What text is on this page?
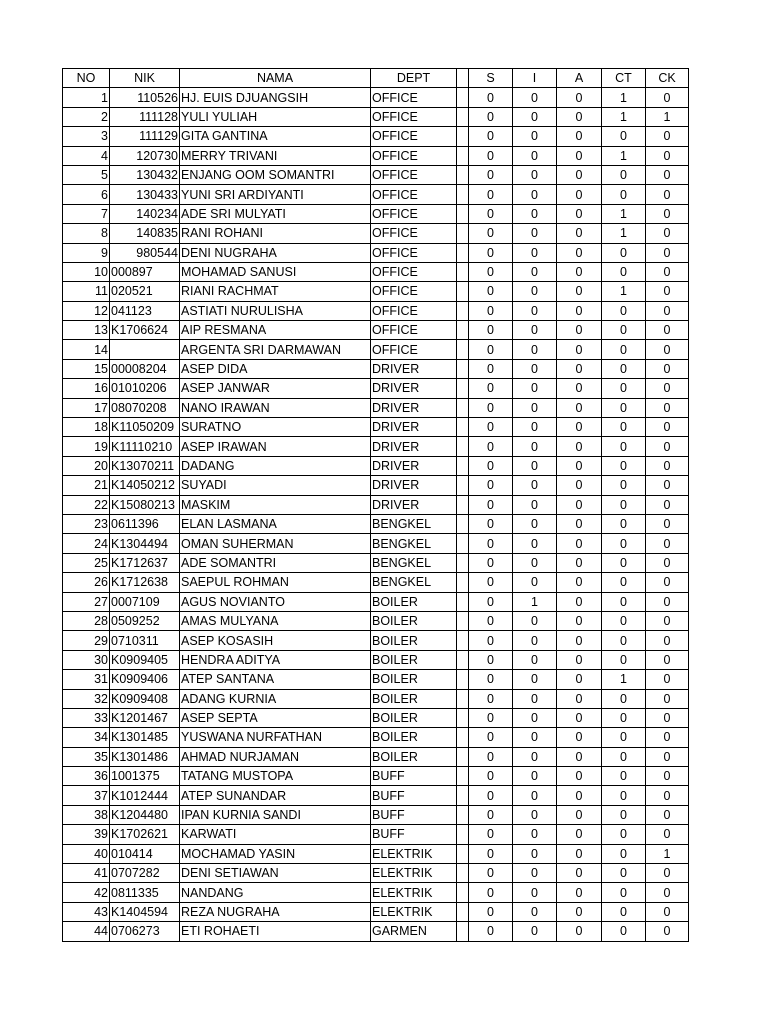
NO	NIK	NAMA	DEPT		S	I	A	CT	CK
1	110526	HJ. EUIS DJUANGSIH	OFFICE		0	0	0	1	0
2	111128	YULI YULIAH	OFFICE		0	0	0	1	1
3	111129	GITA GANTINA	OFFICE		0	0	0	0	0
4	120730	MERRY TRIVANI	OFFICE		0	0	0	1	0
5	130432	ENJANG OOM SOMANTRI	OFFICE		0	0	0	0	0
6	130433	YUNI SRI ARDIYANTI	OFFICE		0	0	0	0	0
7	140234	ADE SRI MULYATI	OFFICE		0	0	0	1	0
8	140835	RANI ROHANI	OFFICE		0	0	0	1	0
9	980544	DENI NUGRAHA	OFFICE		0	0	0	0	0
10	000897	MOHAMAD SANUSI	OFFICE		0	0	0	0	0
11	020521	RIANI RACHMAT	OFFICE		0	0	0	1	0
12	041123	ASTIATI NURULISHA	OFFICE		0	0	0	0	0
13	K1706624	AIP RESMANA	OFFICE		0	0	0	0	0
14		ARGENTA SRI DARMAWAN	OFFICE		0	0	0	0	0
15	00008204	ASEP DIDA	DRIVER		0	0	0	0	0
16	01010206	ASEP JANWAR	DRIVER		0	0	0	0	0
17	08070208	NANO IRAWAN	DRIVER		0	0	0	0	0
18	K11050209	SURATNO	DRIVER		0	0	0	0	0
19	K11110210	ASEP IRAWAN	DRIVER		0	0	0	0	0
20	K13070211	DADANG	DRIVER		0	0	0	0	0
21	K14050212	SUYADI	DRIVER		0	0	0	0	0
22	K15080213	MASKIM	DRIVER		0	0	0	0	0
23	0611396	ELAN LASMANA	BENGKEL		0	0	0	0	0
24	K1304494	OMAN SUHERMAN	BENGKEL		0	0	0	0	0
25	K1712637	ADE SOMANTRI	BENGKEL		0	0	0	0	0
26	K1712638	SAEPUL ROHMAN	BENGKEL		0	0	0	0	0
27	0007109	AGUS NOVIANTO	BOILER		0	1	0	0	0
28	0509252	AMAS MULYANA	BOILER		0	0	0	0	0
29	0710311	ASEP KOSASIH	BOILER		0	0	0	0	0
30	K0909405	HENDRA ADITYA	BOILER		0	0	0	0	0
31	K0909406	ATEP SANTANA	BOILER		0	0	0	1	0
32	K0909408	ADANG KURNIA	BOILER		0	0	0	0	0
33	K1201467	ASEP SEPTA	BOILER		0	0	0	0	0
34	K1301485	YUSWANA NURFATHAN	BOILER		0	0	0	0	0
35	K1301486	AHMAD NURJAMAN	BOILER		0	0	0	0	0
36	1001375	TATANG MUSTOPA	BUFF		0	0	0	0	0
37	K1012444	ATEP SUNANDAR	BUFF		0	0	0	0	0
38	K1204480	IPAN KURNIA SANDI	BUFF		0	0	0	0	0
39	K1702621	KARWATI	BUFF		0	0	0	0	0
40	010414	MOCHAMAD YASIN	ELEKTRIK		0	0	0	0	1
41	0707282	DENI SETIAWAN	ELEKTRIK		0	0	0	0	0
42	0811335	NANDANG	ELEKTRIK		0	0	0	0	0
43	K1404594	REZA NUGRAHA	ELEKTRIK		0	0	0	0	0
44	0706273	ETI ROHAETI	GARMEN		0	0	0	0	0
